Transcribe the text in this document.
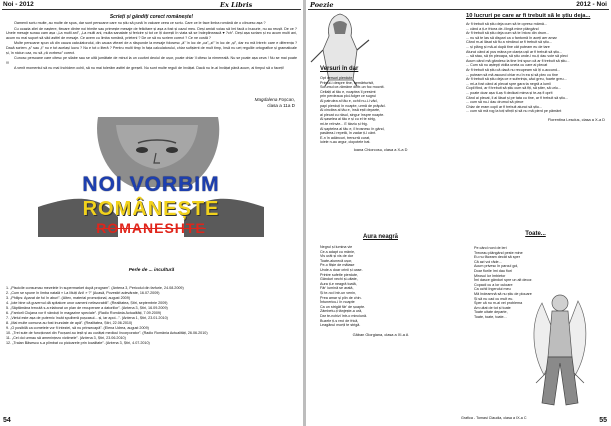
Noi - 2012	Ex Libris
Scrieți și gândiți corect românește!

Oamenii scriu multe, au multe de spus, dar sunt persoane care nu știu să pună în valoare ceea ce scriu. Care ce le face limba română de o ciinuesc așa ?

Cu ocazia zilei de naștere, fiecare dintre noi trimite sau primește mesaje de felicitare și așa a fost și cazul meu. Deși amicii voiau să îmi facă o bucurie, nu au reușit. De ce ? Unele mesaje sunau cam așa :„La multi ani”, „La multi ani, multa sanatate și fericire și tot ce îți dorești în viata să se îndeplinească ♥ ?ch”. Deși așa scriam și eu acum multi ani, acum nu mai suport să văd astfel de mesaje. Ce avem cu limba română, prieteni ? De ce să nu scriem corect ? Ce ne costă ?

Multe persoane spun că din cauza calculatorului, din cauza vitezei de a răspunde la mesaje folosesc „â” în loc de „ca”,„zi” în loc de „și”, dar eu mă întreb: care e diferența ? Dacă scriem „ș” sau „t” nu e tot același lucru ? Nu e tot o literă ? Pentru multi timp în fața calculatorului, chiar sufișient de mult timp, însă nu ueț regulile ortografice și gramaticale și, în niciun caz, nu să „ră vorbesc” corect.

Cunosc persoane care citesc pe silabe sau se uită jumătate de minut la un cuvânt deoiul de ușor, poate chiar îl citesc la nimereală. Nu se poate așa ceva ! Nu se mai poate !!!

A venit momentul să nu mai închidem ochii, să nu mai tolerăm astfel de greșeli. Nu sunt multe reguli de învățat. Dacă nu le-ai învățat până acum, ai timpul să o faceți!

Magdalena Foșcan,
clasa a 11a D
NOI VORBIM
ROMÂNEȘTE
ROMANESHTE
Perle de ... incultură
1. „Piscicile consumau mezelele în supermarket după program”. (Antena 3, Pericolul din farfurie, 24.08.2009)
2. „Cum se spune în limba natală « La Mulți Ani! » ?” (Acasă, Povestiri adevărate, 16.07.2009)
3. „Philips: Aparat de foi în aburi”. (Altex, material promoțional, august 2009)
4. „Iote bine că guvernul dă spitatore unor oameni nefavorabili”. (Realitatea, Știri, septembrie 2009)
5. „Săptămâna trecută s-a elaborat un plan de recuperare a datoriilor”. (Antena 3, Știri, 16.09.2009)
6. „Fantorli Clujana vor fi vânduți în magazine speciale”. (Radio România Actualități, 7.09.2009)
7. „Vietul este așa de puternic încât spulberă pușcasul... și, iar apoi...”. (Antena 1, Știri, 23.01.2010)
8. „Mai multe comuna au fost inundate de apă”. (Realitatea, Știri, 22.06.2010)
9. „O posibilă ca cometele vor fi inteziei, să nu prinsecapă”. (Elena Udrea, august 2009)
10. „Trei sute de funcționari din Focșani au ieșit și au curățat medicul încorporator”. (Radio România Actualități, 26.06.2010)
11. „Cei doi urmau să amenințezo victimele”. (Antena 3, Știri, 23.06.2010)
12. „Traian Băsescu s-a plimbat cu picioarele prin localitate”. (Antena 3, Știri, 4.07.2010)
54
Poezie	2012 - Noi
Versuri în dar
Opt versuri pierdute
Primul-i despre tine, nemărturisit,
Scrumul ce-rămâne dintr-un foc mocnit.
Ceilalți al tău e, noaptea îl presimt
prin perdeaua ploi-fulger ce sugrui
Al patrulea al tău e, ochii nu-i-i văd,
papi pierduți în noapte, urmă de prăpăd.
Al cincilea al tău e, însă ești departe,
ai plecat cu râsul, singur înspre noapte.
Al șaselea al tău e și cu el te strig,
mi-te reînvie... E târziu și frig.
Al șaptelea al tău e, îl trosnesc în gând,
pasărea-l repetă, în zadar ți-l cânt.
E-n în adâncuri, trenurră curat,
ioiele n-au argur, clopotele bat.
Ioana Chiorcosu, clasa a X-a D
Aura neagră
Negrul și lumina vie
Ce-s adapt cu mânie,
Vis urât și vis de dor
Toate-alunecă ușor,
Pe-o filșie de mătase
Unde-s doar crinii și oase.
Printre sufetle pierdute,
Gânduri vechi și-uitate,
Aura ți-e neagră toată,
Făr' lumină se arată,
Și te-noi într-un venin,
Prea amar și plin de chin.
Întunericu-i în noapte
Ca un strigăt făr' de șoapte.
Zâmbetu-ți tânjește-a ură,
Dar te-nchizi într-o minciună.
Buzele ți-s reci de frică,
Leagănul morții te strigă.
Găban Giorgiana, clasa a XI-a A
10 lucruri pe care ar fi trebuit să le știu deja...
Ar fi trebuit să știu deja cum să te opresc mâmâ...
... când a ți-e fricea de-i lingă mine plângând
Ar fi trebuit să știu deja cum să te întorc din drum...
... nu să te las să dispari ca o fantomă în aceți aer amar
Când m-ai lăsat să fiu a nimănui ar fi trebuit să știu...
... și plâng și mă-ai după tine cât puteam eu de tare
Atunci când ai pus mâna pe clanța ușii ar fi trebuit să știu...
... să stau, să țin pleoapa, să știu unde-i nu-ți dau voie să pleci
Acum când mă gândesc la tine îmi spun că ar fi trebuit să știu...
... Cum să nu aștepți vidiia uneia cu care ai plecat
Ar fi trebuit să știu că dacă nu recupeam să îți o-accund...
... puteam să mă ascund chiar eu în ea și să plec cu tine
Ar fi trebuit să știu deja ce e suferința, câci greu, foarte greu...
... mi-a fost când ai plecat spre gara ta negră a lumii
Copil fiind, ar fi trebuit să știu cum să fiți, să știer, să urlu...
... poate doar așa ti-aș fi dedicat mima și te-aș fi oprit
Când ai plecat, li ai lăsat și pe tata cu tine, ar fi trebuit să știu...
... cum să nu-i dau drumul să plece
Chiar de eram copil ar fi trebuit atunci să știu...
... cum să mă rog la toți sfinții și să nu mă pierd pe pământ
Florentina Lesclus, clasa a X-a D
Toate...
Pe când noni de leri
Treceau plângând peste mine
Eu nu făceam decât să sper
Că azi voi răde...
Acum privesc în parcul gol,
Doar florile îmi dau fiori
Mirosul lor îmbietor
Îmi dasce gânduri spre un alt decor.
Copacii cu a lor culoare
Ca ochii îngerului meu
Mă îndeamnă să nu știu de plouare
Și să nu cad cu mult eu.
Sper că nu m-ai vei problema
Am uitat de tot și toate
Toate uitate departe,
Toate, toate, toate...
Grafica - Tomasi Claudia, clasa a IX-a C	55
